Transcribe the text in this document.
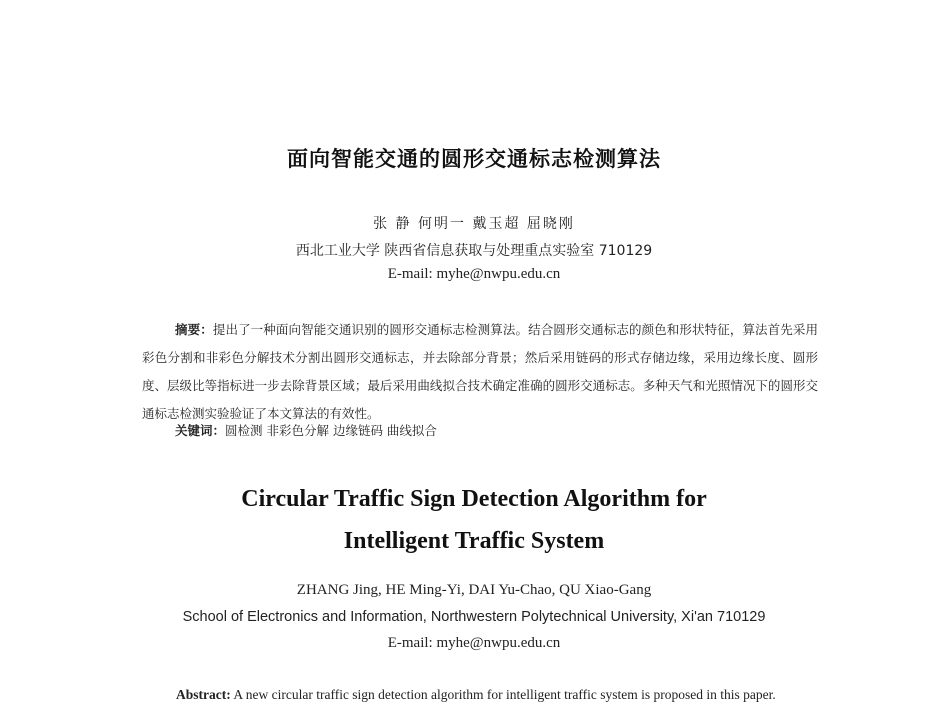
面向智能交通的圆形交通标志检测算法
张 静 何明一 戴玉超 屈晓刚
西北工业大学 陕西省信息获取与处理重点实验室 710129
E-mail: myhe@nwpu.edu.cn
摘要：提出了一种面向智能交通识别的圆形交通标志检测算法。结合圆形交通标志的颜色和形状特征，算法首先采用彩色分割和非彩色分解技术分割出圆形交通标志，并去除部分背景；然后采用链码的形式存储边缘，采用边缘长度、圆形度、层级比等指标进一步去除背景区域；最后采用曲线拟合技术确定准确的圆形交通标志。多种天气和光照情况下的圆形交通标志检测实验验证了本文算法的有效性。
关键词：圆检测 非彩色分解 边缘链码 曲线拟合
Circular Traffic Sign Detection Algorithm for
Intelligent Traffic System
ZHANG Jing, HE Ming-Yi, DAI Yu-Chao, QU Xiao-Gang
School of Electronics and Information, Northwestern Polytechnical University, Xi'an 710129
E-mail: myhe@nwpu.edu.cn
Abstract: A new circular traffic sign detection algorithm for intelligent traffic system is proposed in this paper.
